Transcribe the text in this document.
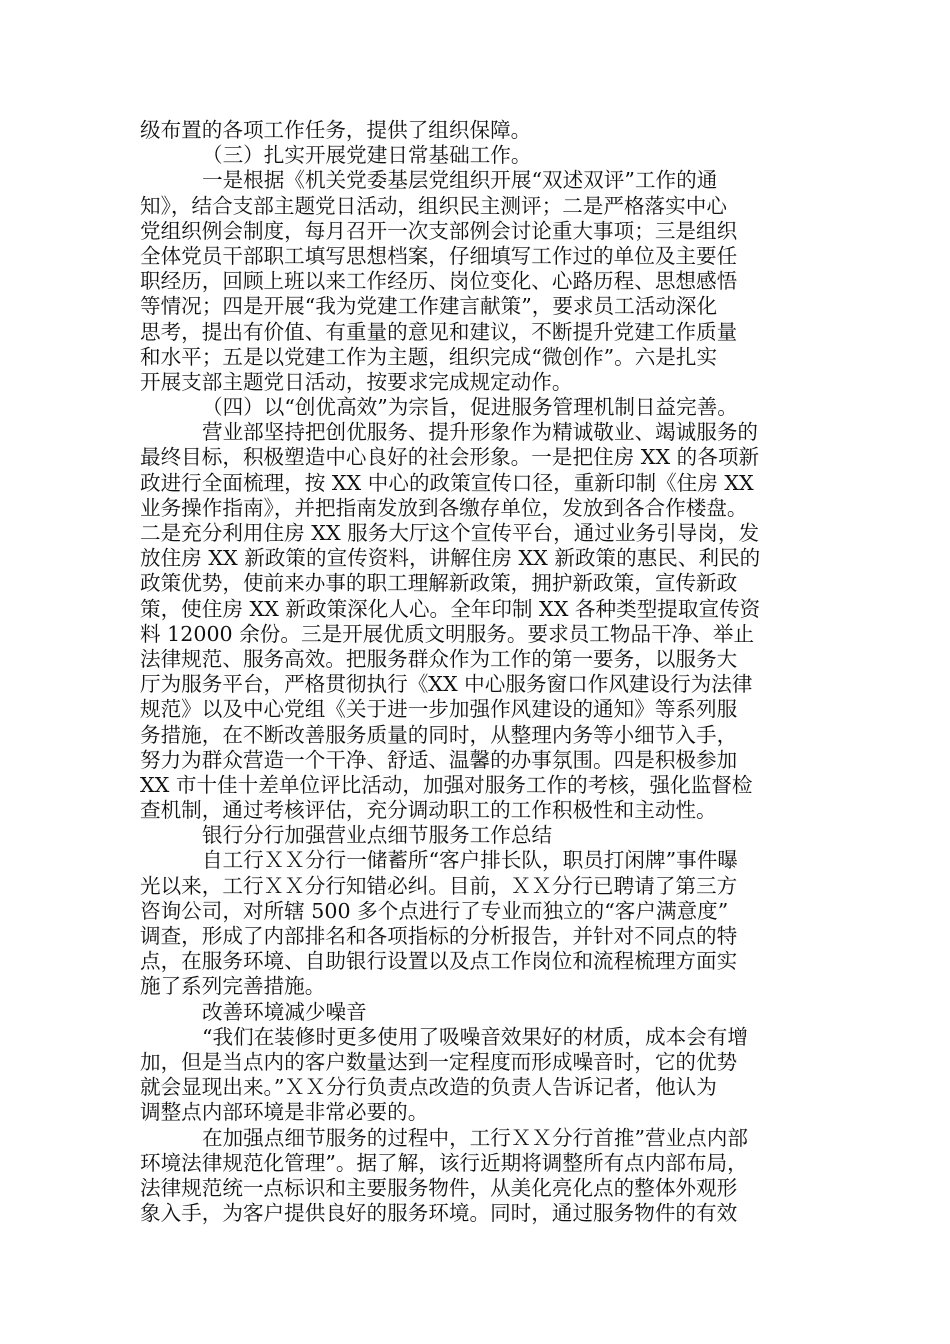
级布置的各项工作任务，提供了组织保障。
（三）扎实开展党建日常基础工作。
一是根据《机关党委基层党组织开展“双述双评”工作的通
知》，结合支部主题党日活动，组织民主测评；二是严格落实中心
党组织例会制度，每月召开一次支部例会讨论重大事项；三是组织
全体党员干部职工填写思想档案，仔细填写工作过的单位及主要任
职经历，回顾上班以来工作经历、岗位变化、心路历程、思想感悟
等情况；四是开展“我为党建工作建言献策”，要求员工活动深化
思考，提出有价值、有重量的意见和建议，不断提升党建工作质量
和水平；五是以党建工作为主题，组织完成“微创作”。六是扎实
开展支部主题党日活动，按要求完成规定动作。
（四）以“创优高效”为宗旨，促进服务管理机制日益完善。
营业部坚持把创优服务、提升形象作为精诚敬业、竭诚服务的
最终目标，积极塑造中心良好的社会形象。一是把住房 XX 的各项新
政进行全面梳理，按 XX 中心的政策宣传口径，重新印制《住房 XX
业务操作指南》，并把指南发放到各缴存单位，发放到各合作楼盘。
二是充分利用住房 XX 服务大厅这个宣传平台，通过业务引导岗，发
放住房 XX 新政策的宣传资料，讲解住房 XX 新政策的惠民、利民的
政策优势，使前来办事的职工理解新政策，拥护新政策，宣传新政
策，使住房 XX 新政策深化人心。全年印制 XX 各种类型提取宣传资
料 12000 余份。三是开展优质文明服务。要求员工物品干净、举止
法律规范、服务高效。把服务群众作为工作的第一要务，以服务大
厅为服务平台，严格贯彻执行《XX 中心服务窗口作风建设行为法律
规范》以及中心党组《关于进一步加强作风建设的通知》等系列服
务措施，在不断改善服务质量的同时，从整理内务等小细节入手，
努力为群众营造一个干净、舒适、温馨的办事氛围。四是积极参加
XX 市十佳十差单位评比活动，加强对服务工作的考核，强化监督检
查机制，通过考核评估，充分调动职工的工作积极性和主动性。
银行分行加强营业点细节服务工作总结
自工行ＸＸ分行一储蓄所“客户排长队，职员打闲牌”事件曝
光以来，工行ＸＸ分行知错必纠。目前，ＸＸ分行已聘请了第三方
咨询公司，对所辖 500 多个点进行了专业而独立的“客户满意度”
调查，形成了内部排名和各项指标的分析报告，并针对不同点的特
点，在服务环境、自助银行设置以及点工作岗位和流程梳理方面实
施了系列完善措施。
改善环境减少噪音
“我们在装修时更多使用了吸噪音效果好的材质，成本会有增
加，但是当点内的客户数量达到一定程度而形成噪音时，它的优势
就会显现出来。”ＸＸ分行负责点改造的负责人告诉记者，他认为
调整点内部环境是非常必要的。
在加强点细节服务的过程中，工行ＸＸ分行首推”营业点内部
环境法律规范化管理”。据了解，该行近期将调整所有点内部布局，
法律规范统一点标识和主要服务物件，从美化亮化点的整体外观形
象入手，为客户提供良好的服务环境。同时，通过服务物件的有效
